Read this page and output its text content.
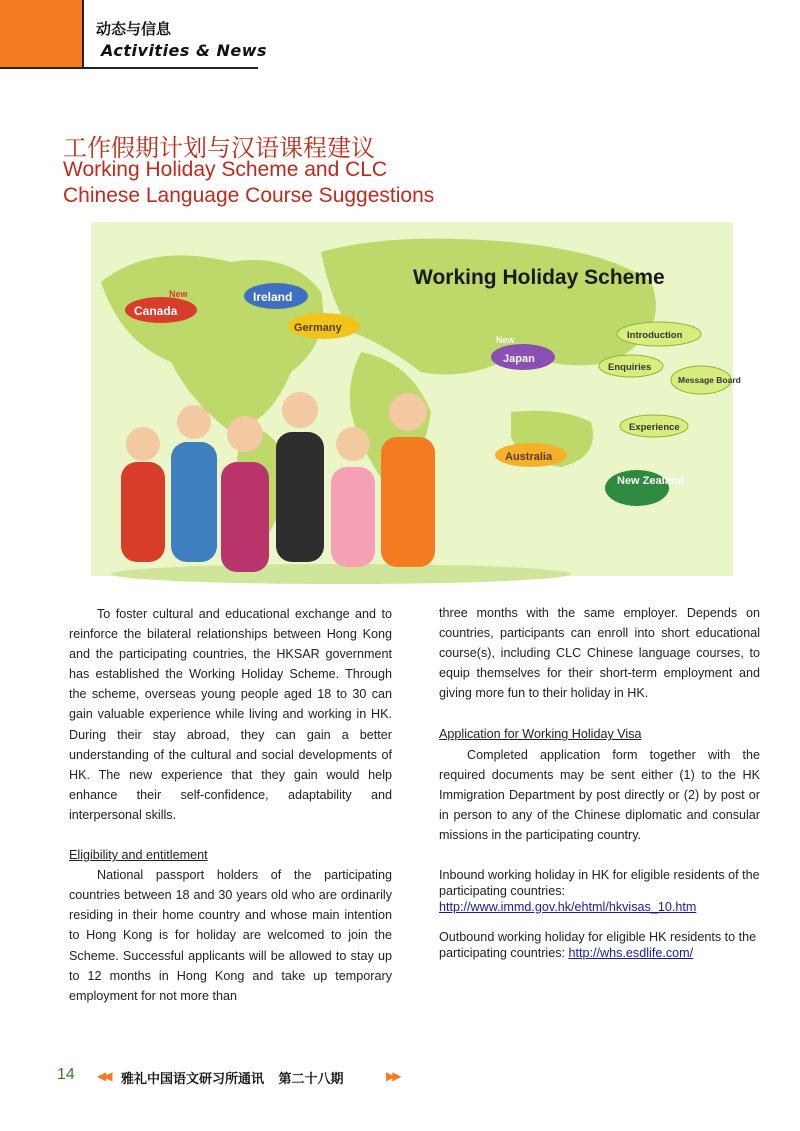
动态与信息
Activities & News
工作假期计划与汉语课程建议
Working Holiday Scheme and CLC
Chinese Language Course Suggestions
Working Holiday Scheme
Canada
New	Ireland
Germany
Japan
New
Australia
New Zealand
Introduction
Enquiries
Message Board
Experience

To foster cultural and educational exchange and to reinforce the bilateral relationships between Hong Kong and the participating countries, the HKSAR government has established the Working Holiday Scheme. Through the scheme, overseas young people aged 18 to 30 can gain valuable experience while living and working in HK. During their stay abroad, they can gain a better understanding of the cultural and social developments of HK. The new experience that they gain would help enhance their self-confidence, adaptability and interpersonal skills.

Eligibility and entitlement

National passport holders of the participating countries between 18 and 30 years old who are ordinarily residing in their home country and whose main intention to Hong Kong is for holiday are welcomed to join the Scheme. Successful applicants will be allowed to stay up to 12 months in Hong Kong and take up temporary employment for not more than

three months with the same employer. Depends on countries, participants can enroll into short educational course(s), including CLC Chinese language courses, to equip themselves for their short-term employment and giving more fun to their holiday in HK.

Application for Working Holiday Visa

Completed application form together with the required documents may be sent either (1) to the HK Immigration Department by post directly or (2) by post or in person to any of the Chinese diplomatic and consular missions in the participating country.

Inbound working holiday in HK for eligible residents of the participating countries:
http://www.immd.gov.hk/ehtml/hkvisas_10.htm
Outbound working holiday for eligible HK residents to the participating countries: http://whs.esdlife.com/
14 ◀◀ 雅礼中国语文研习所通讯 第二十八期	▶▶
